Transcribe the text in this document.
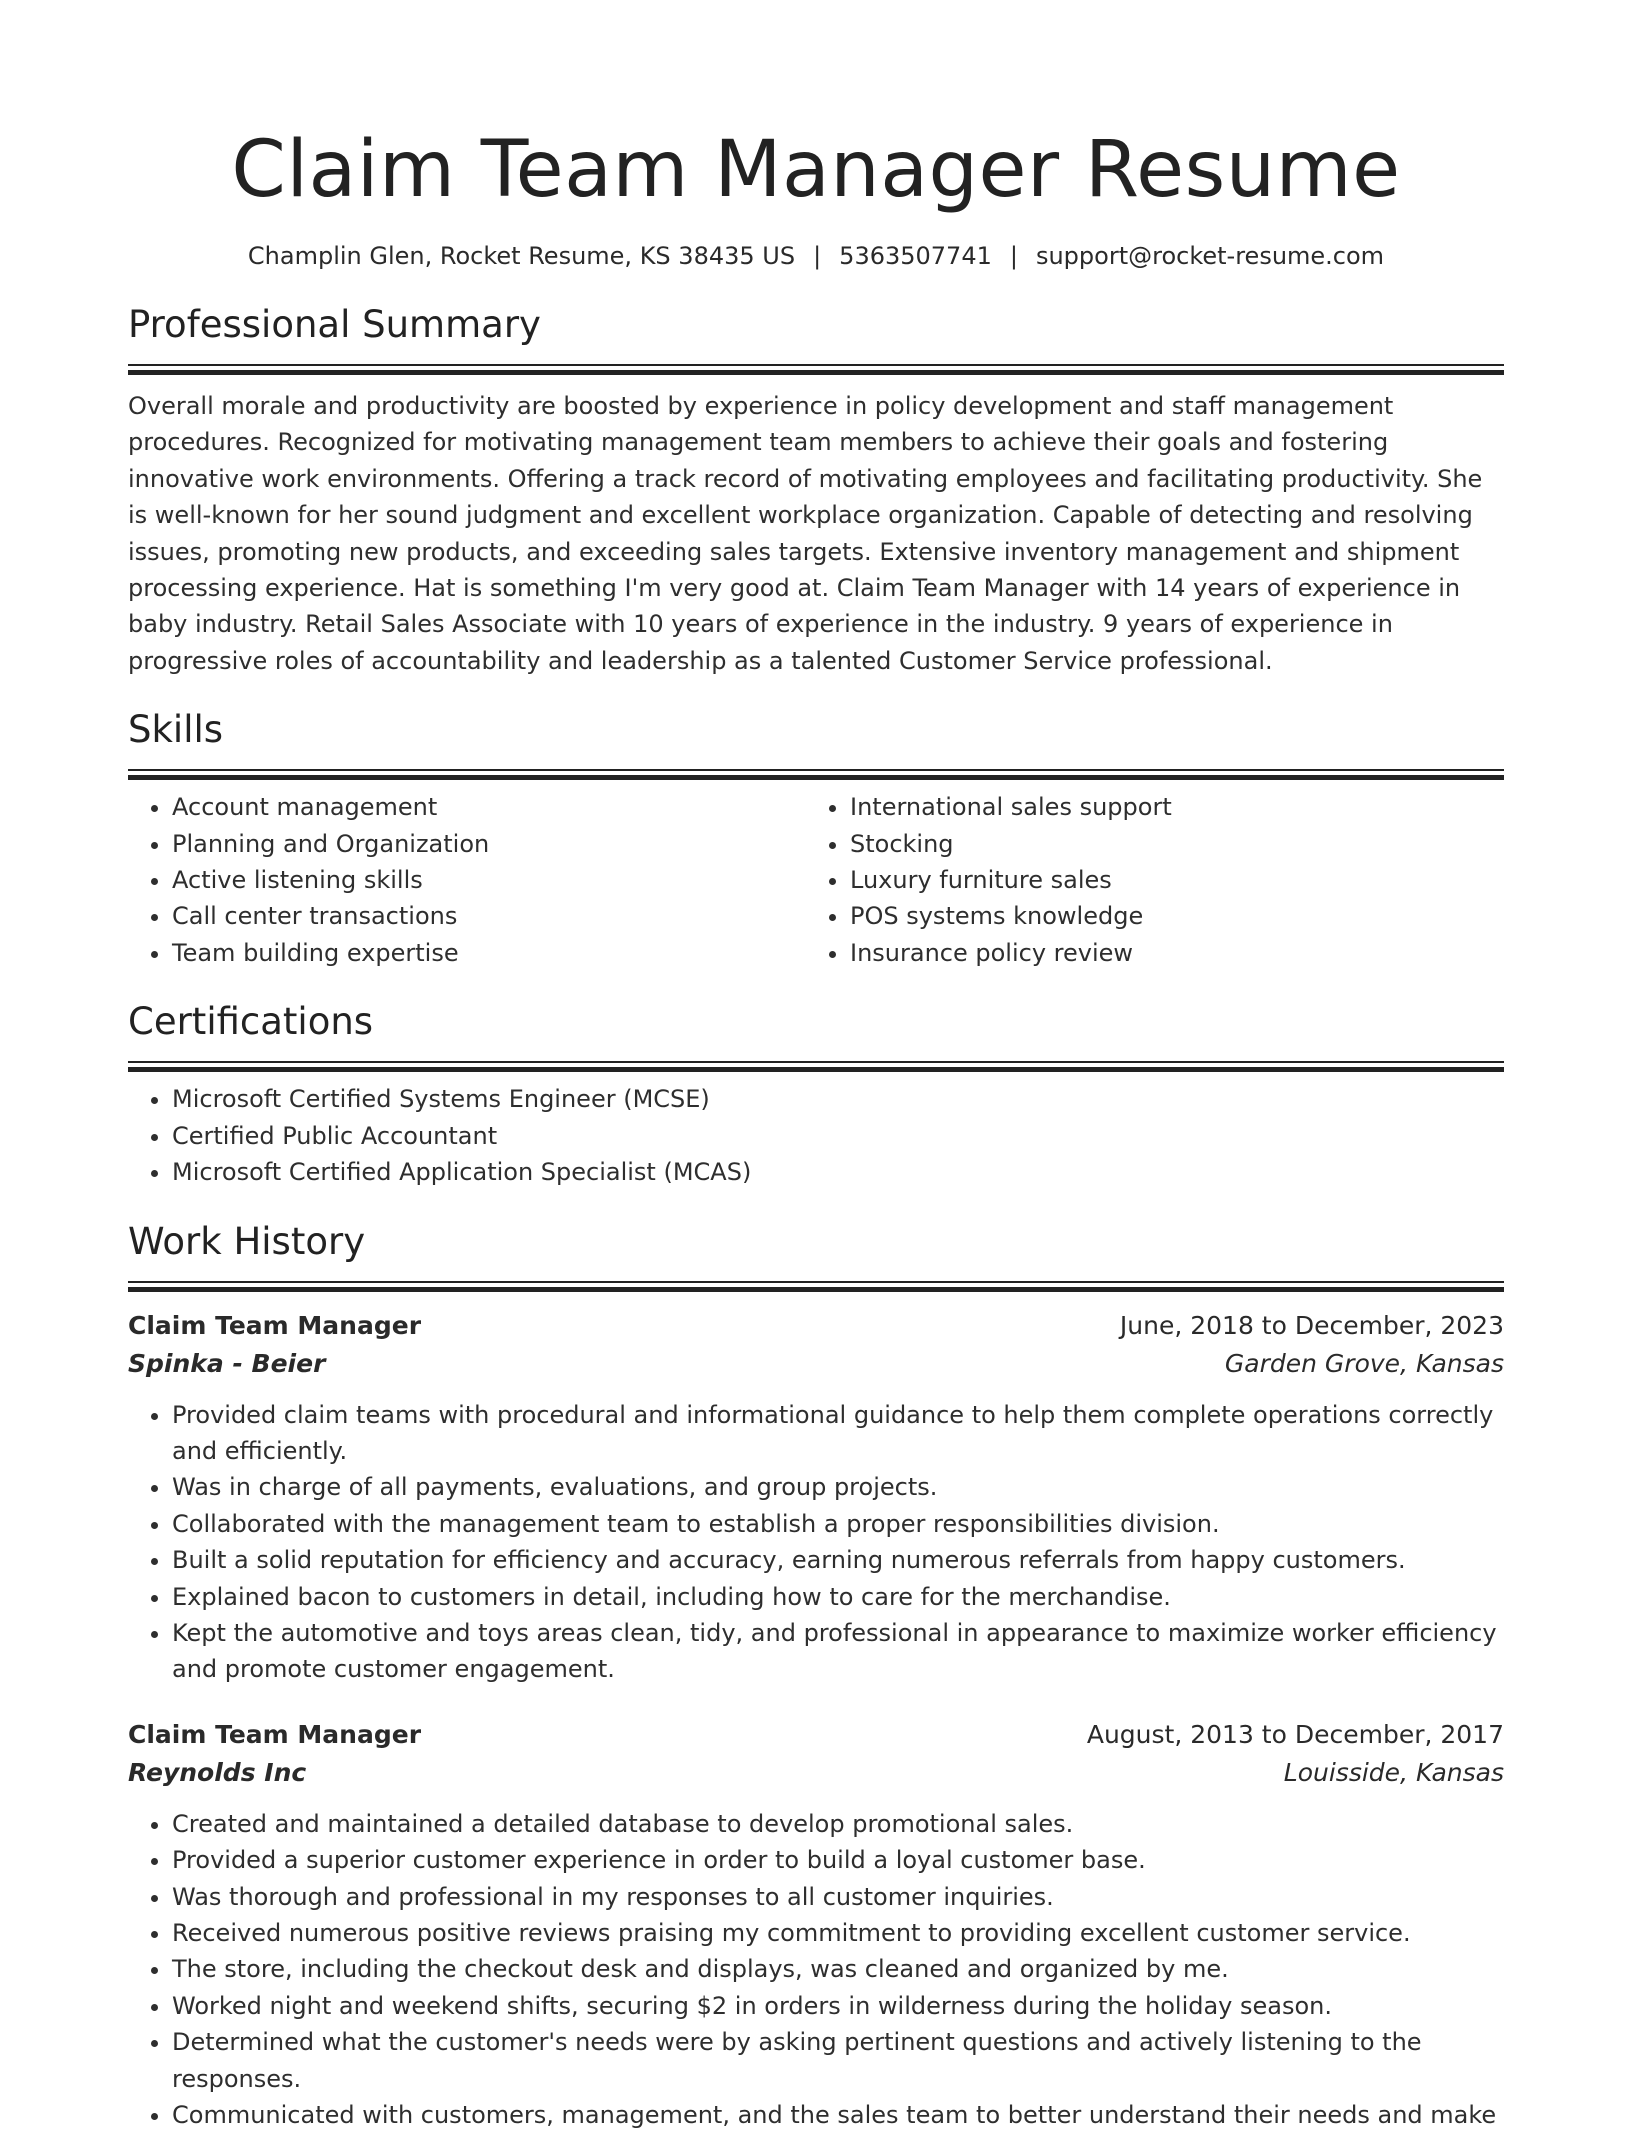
Claim Team Manager Resume
Champlin Glen, Rocket Resume, KS 38435 US | 5363507741 | support@rocket-resume.com
Professional Summary

Overall morale and productivity are boosted by experience in policy development and staff management procedures. Recognized for motivating management team members to achieve their goals and fostering innovative work environments. Offering a track record of motivating employees and facilitating productivity. She is well-known for her sound judgment and excellent workplace organization. Capable of detecting and resolving issues, promoting new products, and exceeding sales targets. Extensive inventory management and shipment processing experience. Hat is something I'm very good at. Claim Team Manager with 14 years of experience in baby industry. Retail Sales Associate with 10 years of experience in the industry. 9 years of experience in progressive roles of accountability and leadership as a talented Customer Service professional.

Skills
• Account management
• Planning and Organization
• Active listening skills
• Call center transactions
• Team building expertise
• International sales support
• Stocking
• Luxury furniture sales
• POS systems knowledge
• Insurance policy review
Certifications
• Microsoft Certified Systems Engineer (MCSE)
• Certified Public Accountant
• Microsoft Certified Application Specialist (MCAS)
Work History
Claim Team Manager	June, 2018 to December, 2023
Spinka - Beier	Garden Grove, Kansas
• Provided claim teams with procedural and informational guidance to help them complete operations correctly and efficiently.
• Was in charge of all payments, evaluations, and group projects.
• Collaborated with the management team to establish a proper responsibilities division.
• Built a solid reputation for efficiency and accuracy, earning numerous referrals from happy customers.
• Explained bacon to customers in detail, including how to care for the merchandise.
• Kept the automotive and toys areas clean, tidy, and professional in appearance to maximize worker efficiency and promote customer engagement.
Claim Team Manager	August, 2013 to December, 2017
Reynolds Inc	Louisside, Kansas
• Created and maintained a detailed database to develop promotional sales.
• Provided a superior customer experience in order to build a loyal customer base.
• Was thorough and professional in my responses to all customer inquiries.
• Received numerous positive reviews praising my commitment to providing excellent customer service.
• The store, including the checkout desk and displays, was cleaned and organized by me.
• Worked night and weekend shifts, securing $2 in orders in wilderness during the holiday season.
• Determined what the customer's needs were by asking pertinent questions and actively listening to the responses.
• Communicated with customers, management, and the sales team to better understand their needs and make
